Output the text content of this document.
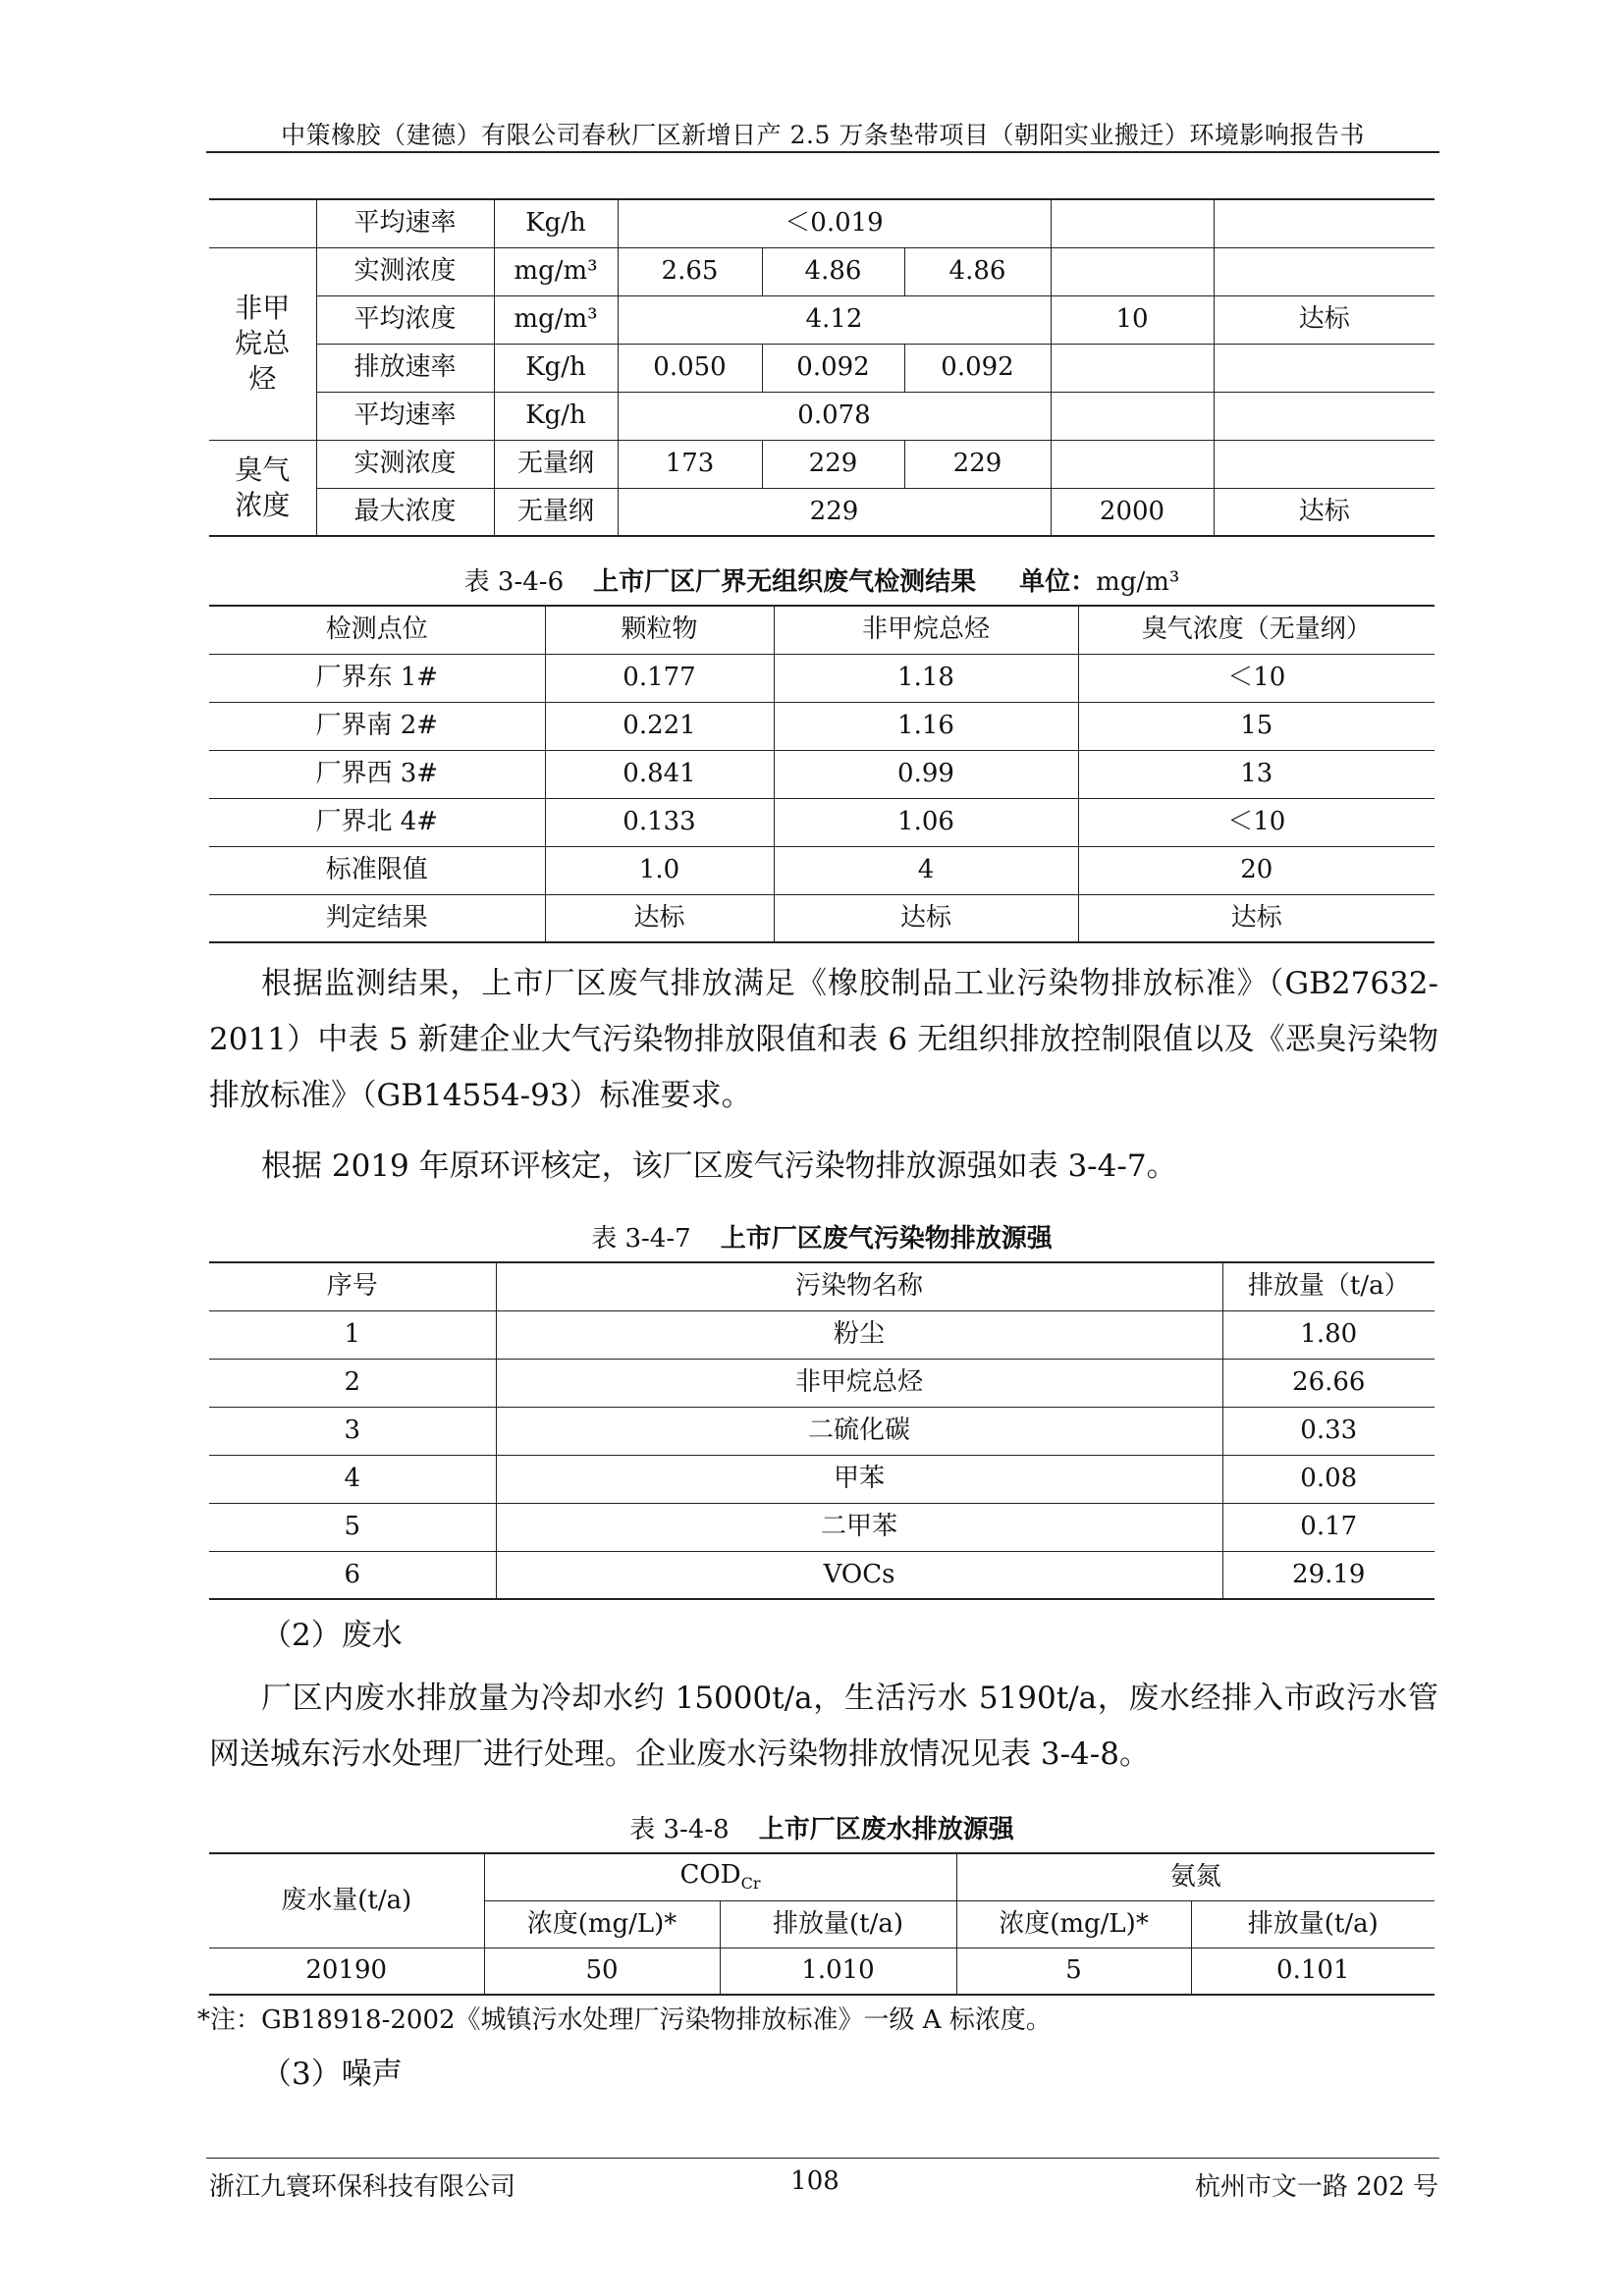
中策橡胶（建德）有限公司春秋厂区新增日产 2.5 万条垫带项目（朝阳实业搬迁）环境影响报告书
	平均速率	Kg/h	＜0.019				

非甲
烷总
烃	实测浓度	mg/m³	2.65	4.86	4.86		
	平均浓度	mg/m³	4.12			10	达标
	排放速率	Kg/h	0.050	0.092	0.092		
	平均速率	Kg/h	0.078				

臭气
浓度	实测浓度	无量纲	173	229	229		
	最大浓度	无量纲	229			2000	达标
表 3-4-6 上市厂区厂界无组织废气检测结果 单位：mg/m³
检测点位	颗粒物	非甲烷总烃	臭气浓度（无量纲）
厂界东 1#	0.177	1.18	＜10
厂界南 2#	0.221	1.16	15
厂界西 3#	0.841	0.99	13
厂界北 4#	0.133	1.06	＜10
标准限值	1.0	4	20
判定结果	达标	达标	达标
根据监测结果，上市厂区废气排放满足《橡胶制品工业污染物排放标准》（GB27632-2011）中表 5 新建企业大气污染物排放限值和表 6 无组织排放控制限值以及《恶臭污染物排放标准》（GB14554-93）标准要求。
根据 2019 年原环评核定，该厂区废气污染物排放源强如表 3-4-7。
表 3-4-7 上市厂区废气污染物排放源强
序号	污染物名称	排放量（t/a）
1	粉尘	1.80
2	非甲烷总烃	26.66
3	二硫化碳	0.33
4	甲苯	0.08
5	二甲苯	0.17
6	VOCs	29.19
（2）废水
厂区内废水排放量为冷却水约 15000t/a，生活污水 5190t/a，废水经排入市政污水管网送城东污水处理厂进行处理。企业废水污染物排放情况见表 3-4-8。
表 3-4-8 上市厂区废水排放源强
废水量(t/a)	$COD_{Cr}$		氨氮	
	浓度(mg/L)*	排放量(t/a)	浓度(mg/L)*	排放量(t/a)
20190	50	1.010	5	0.101
*注：GB18918-2002《城镇污水处理厂污染物排放标准》一级 A 标浓度。
（3）噪声
浙江九寰环保科技有限公司	108	杭州市文一路 202 号
